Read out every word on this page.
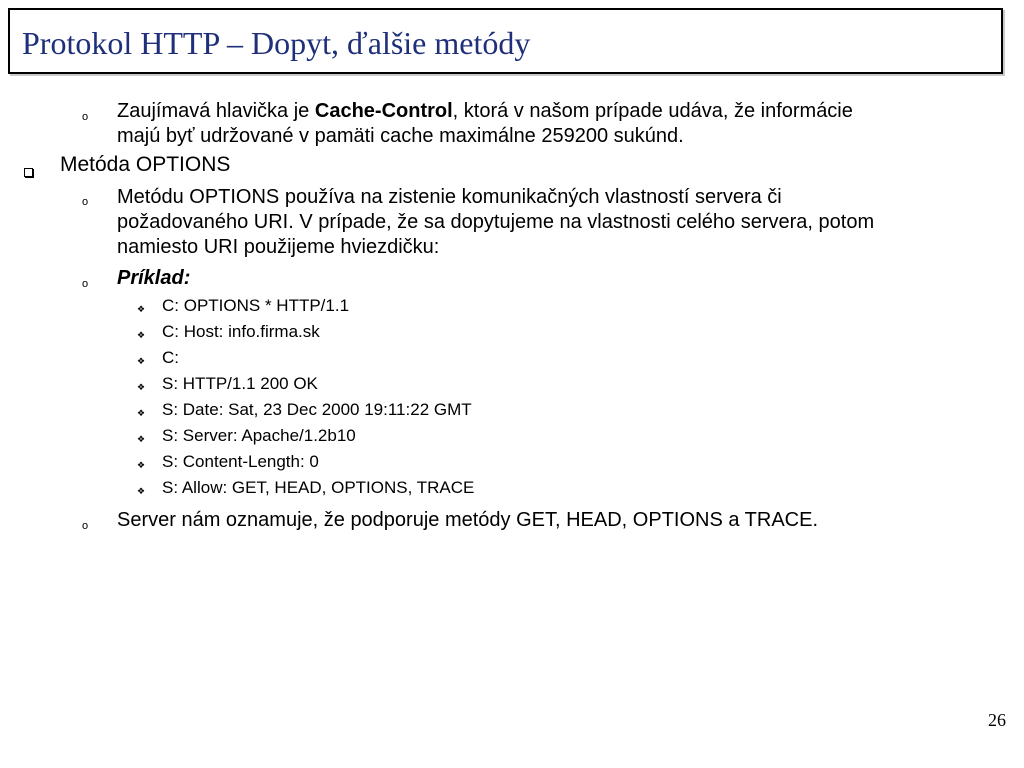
Protokol HTTP – Dopyt, ďalšie metódy
o Zaujímavá hlavička je Cache-Control, ktorá v našom prípade udáva, že informácie
majú byť udržované v pamäti cache maximálne 259200 sukúnd.
Metóda OPTIONS
o Metódu OPTIONS používa na zistenie komunikačných vlastností servera či
požadovaného URI. V prípade, že sa dopytujeme na vlastnosti celého servera, potom
namiesto URI použijeme hviezdičku:
o Príklad:
❖ C: OPTIONS * HTTP/1.1
❖ C: Host: info.firma.sk
❖ C:
❖ S: HTTP/1.1 200 OK
❖ S: Date: Sat, 23 Dec 2000 19:11:22 GMT
❖ S: Server: Apache/1.2b10
❖ S: Content-Length: 0
❖ S: Allow: GET, HEAD, OPTIONS, TRACE
o Server nám oznamuje, že podporuje metódy GET, HEAD, OPTIONS a TRACE.
26
